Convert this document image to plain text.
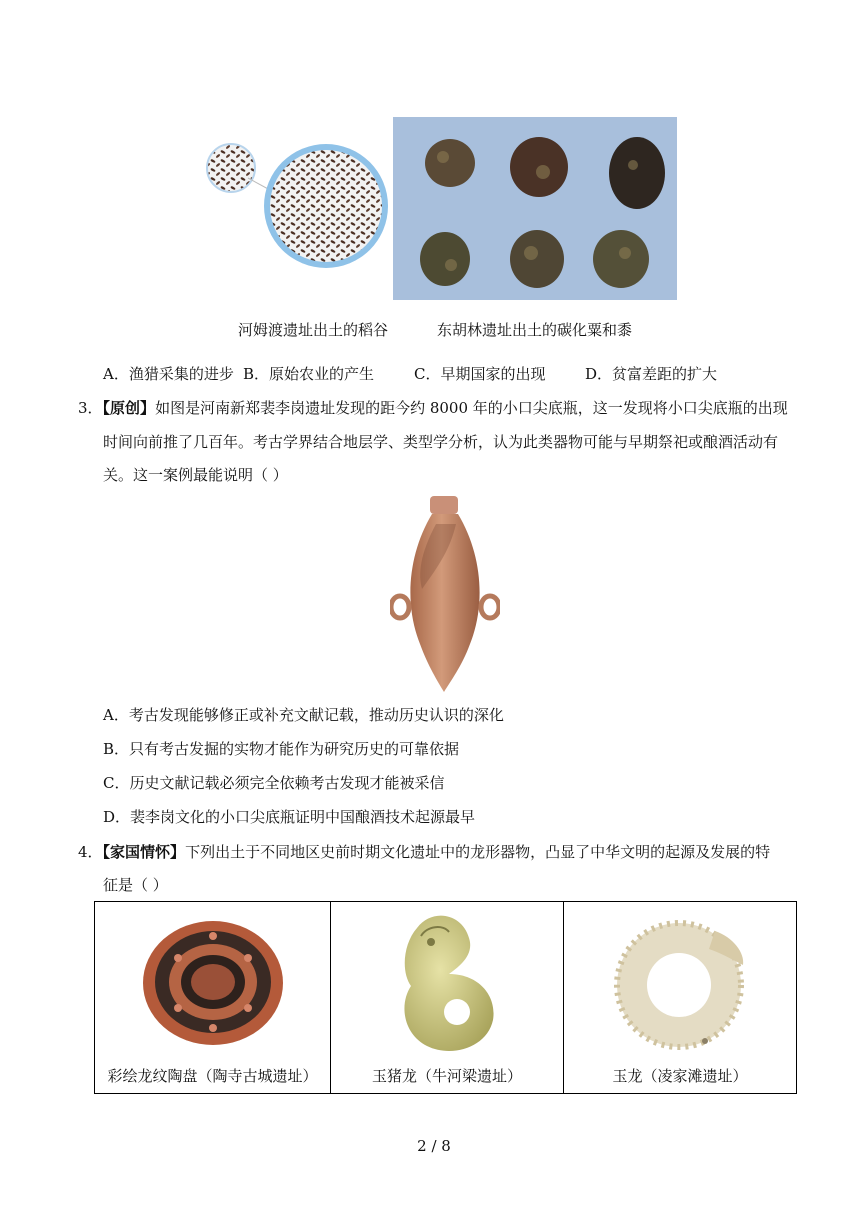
河姆渡遗址出土的稻谷	东胡林遗址出土的碳化粟和黍
A．渔猎采集的进步 B．原始农业的产生	C．早期国家的出现	D．贫富差距的扩大
3．【原创】如图是河南新郑裴李岗遗址发现的距今约 8000 年的小口尖底瓶，这一发现将小口尖底瓶的出现
时间向前推了几百年。考古学界结合地层学、类型学分析，认为此类器物可能与早期祭祀或酿酒活动有
关。这一案例最能说明（ ）
A．考古发现能够修正或补充文献记载，推动历史认识的深化
B．只有考古发掘的实物才能作为研究历史的可靠依据
C．历史文献记载必须完全依赖考古发现才能被采信
D．裴李岗文化的小口尖底瓶证明中国酿酒技术起源最早
4．【家国情怀】下列出土于不同地区史前时期文化遗址中的龙形器物，凸显了中华文明的起源及发展的特
征是（ ）
彩绘龙纹陶盘（陶寺古城遗址）	玉猪龙（牛河梁遗址）	玉龙（凌家滩遗址）
2 / 8
